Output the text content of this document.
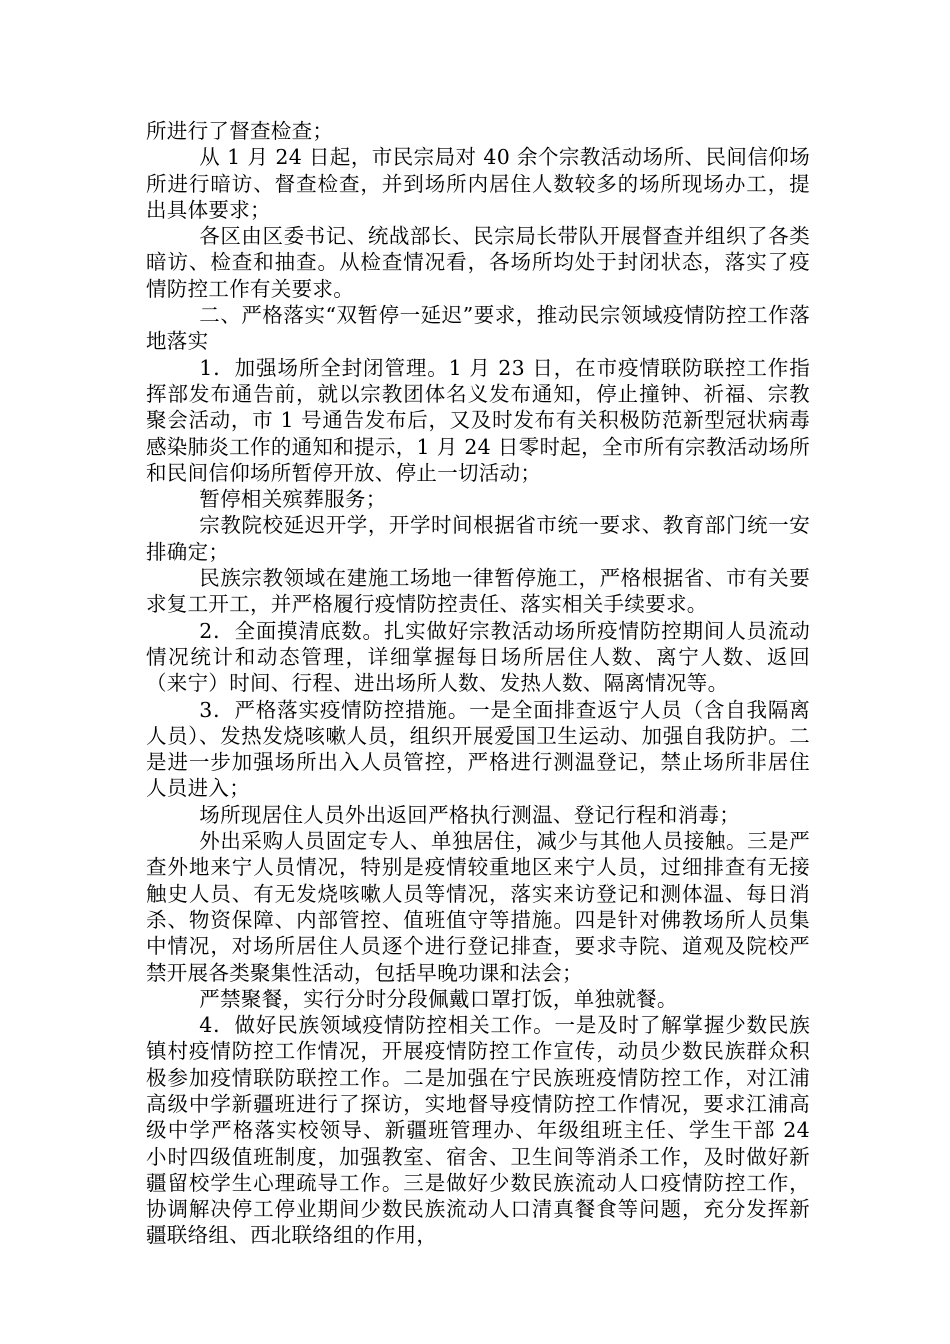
所进行了督查检查；

从 1 月 24 日起，市民宗局对 40 余个宗教活动场所、民间信仰场所进行暗访、督查检查，并到场所内居住人数较多的场所现场办工，提出具体要求；

各区由区委书记、统战部长、民宗局长带队开展督查并组织了各类暗访、检查和抽查。从检查情况看，各场所均处于封闭状态，落实了疫情防控工作有关要求。

二、严格落实“双暂停一延迟”要求，推动民宗领域疫情防控工作落地落实

1．加强场所全封闭管理。1 月 23 日，在市疫情联防联控工作指挥部发布通告前，就以宗教团体名义发布通知，停止撞钟、祈福、宗教聚会活动，市 1 号通告发布后，又及时发布有关积极防范新型冠状病毒感染肺炎工作的通知和提示，1 月 24 日零时起，全市所有宗教活动场所和民间信仰场所暂停开放、停止一切活动；

暂停相关殡葬服务；

宗教院校延迟开学，开学时间根据省市统一要求、教育部门统一安排确定；

民族宗教领域在建施工场地一律暂停施工，严格根据省、市有关要求复工开工，并严格履行疫情防控责任、落实相关手续要求。

2．全面摸清底数。扎实做好宗教活动场所疫情防控期间人员流动情况统计和动态管理，详细掌握每日场所居住人数、离宁人数、返回（来宁）时间、行程、进出场所人数、发热人数、隔离情况等。

3．严格落实疫情防控措施。一是全面排查返宁人员（含自我隔离人员）、发热发烧咳嗽人员，组织开展爱国卫生运动、加强自我防护。二是进一步加强场所出入人员管控，严格进行测温登记，禁止场所非居住人员进入；

场所现居住人员外出返回严格执行测温、登记行程和消毒；

外出采购人员固定专人、单独居住，减少与其他人员接触。三是严查外地来宁人员情况，特别是疫情较重地区来宁人员，过细排查有无接触史人员、有无发烧咳嗽人员等情况，落实来访登记和测体温、每日消杀、物资保障、内部管控、值班值守等措施。四是针对佛教场所人员集中情况，对场所居住人员逐个进行登记排查，要求寺院、道观及院校严禁开展各类聚集性活动，包括早晚功课和法会；

严禁聚餐，实行分时分段佩戴口罩打饭，单独就餐。

4．做好民族领域疫情防控相关工作。一是及时了解掌握少数民族镇村疫情防控工作情况，开展疫情防控工作宣传，动员少数民族群众积极参加疫情联防联控工作。二是加强在宁民族班疫情防控工作，对江浦高级中学新疆班进行了探访，实地督导疫情防控工作情况，要求江浦高级中学严格落实校领导、新疆班管理办、年级组班主任、学生干部 24 小时四级值班制度，加强教室、宿舍、卫生间等消杀工作，及时做好新疆留校学生心理疏导工作。三是做好少数民族流动人口疫情防控工作，协调解决停工停业期间少数民族流动人口清真餐食等问题，充分发挥新疆联络组、西北联络组的作用，
